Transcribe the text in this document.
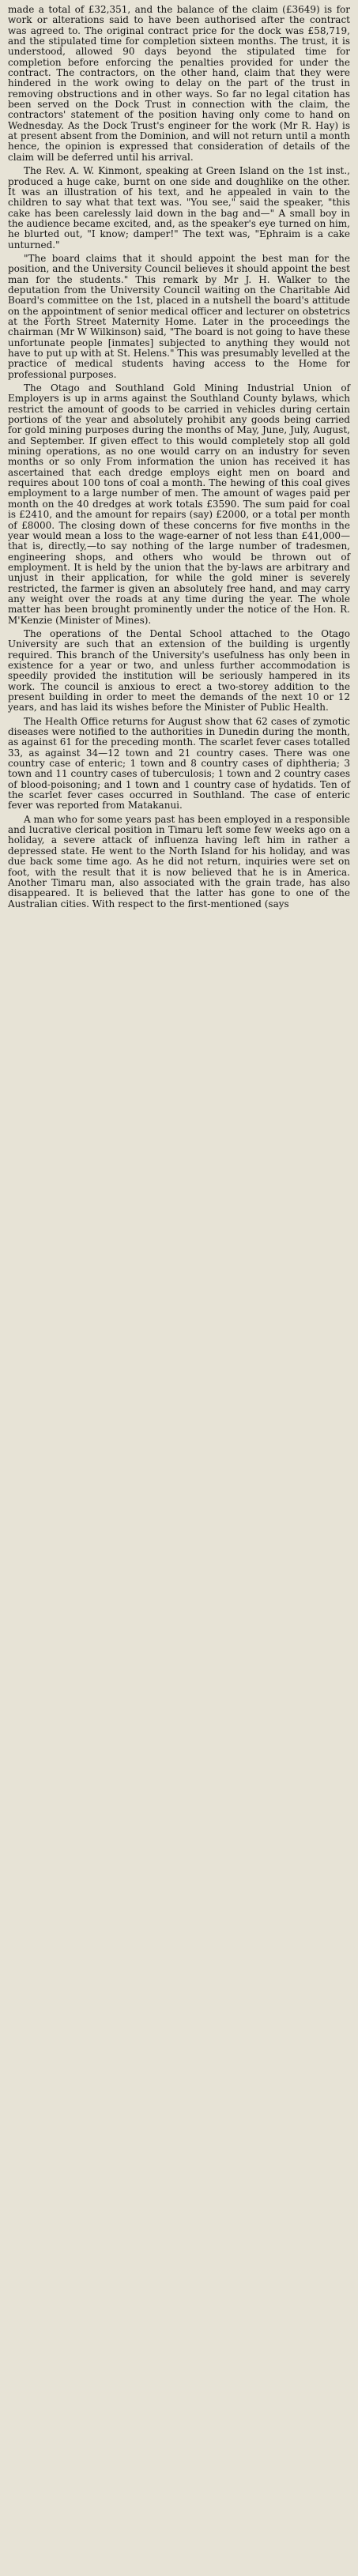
made a total of £32,351, and the balance of the claim (£3649) is for work or alterations said to have been authorised after the contract was agreed to. The original contract price for the dock was £58,719, and the stipulated time for completion sixteen months. The trust, it is understood, allowed 90 days beyond the stipulated time for completion before enforcing the penalties provided for under the contract. The contractors, on the other hand, claim that they were hindered in the work owing to delay on the part of the trust in removing obstructions and in other ways. So far no legal citation has been served on the Dock Trust in connection with the claim, the contractors' statement of the position having only come to hand on Wednesday. As the Dock Trust's engineer for the work (Mr R. Hay) is at present absent from the Dominion, and will not return until a month hence, the opinion is expressed that consideration of details of the claim will be deferred until his arrival.

The Rev. A. W. Kinmont, speaking at Green Island on the 1st inst., produced a huge cake, burnt on one side and doughlike on the other. It was an illustration of his text, and he appealed in vain to the children to say what that text was. "You see," said the speaker, "this cake has been carelessly laid down in the bag and—" A small boy in the audience became excited, and, as the speaker's eye turned on him, he blurted out, "I know; damper!" The text was, "Ephraim is a cake unturned."

"The board claims that it should appoint the best man for the position, and the University Council believes it should appoint the best man for the students." This remark by Mr J. H. Walker to the deputation from the University Council waiting on the Charitable Aid Board's committee on the 1st, placed in a nutshell the board's attitude on the appointment of senior medical officer and lecturer on obstetrics at the Forth Street Maternity Home. Later in the proceedings the chairman (Mr W Wilkinson) said, "The board is not going to have these unfortunate people [inmates] subjected to anything they would not have to put up with at St. Helens." This was presumably levelled at the practice of medical students having access to the Home for professional purposes.

The Otago and Southland Gold Mining Industrial Union of Employers is up in arms against the Southland County bylaws, which restrict the amount of goods to be carried in vehicles during certain portions of the year and absolutely prohibit any goods being carried for gold mining purposes during the months of May, June, July, August, and September. If given effect to this would completely stop all gold mining operations, as no one would carry on an industry for seven months or so only From information the union has received it has ascertained that each dredge employs eight men on board and requires about 100 tons of coal a month. The hewing of this coal gives employment to a large number of men. The amount of wages paid per month on the 40 dredges at work totals £3590. The sum paid for coal is £2410, and the amount for repairs (say) £2000, or a total per month of £8000. The closing down of these concerns for five months in the year would mean a loss to the wage-earner of not less than £41,000—that is, directly,—to say nothing of the large number of tradesmen, engineering shops, and others who would be thrown out of employment. It is held by the union that the by-laws are arbitrary and unjust in their application, for while the gold miner is severely restricted, the farmer is given an absolutely free hand, and may carry any weight over the roads at any time during the year. The whole matter has been brought prominently under the notice of the Hon. R. M'Kenzie (Minister of Mines).

The operations of the Dental School attached to the Otago University are such that an extension of the building is urgently required. This branch of the University's usefulness has only been in existence for a year or two, and unless further accommodation is speedily provided the institution will be seriously hampered in its work. The council is anxious to erect a two-storey addition to the present building in order to meet the demands of the next 10 or 12 years, and has laid its wishes before the Minister of Public Health.

The Health Office returns for August show that 62 cases of zymotic diseases were notified to the authorities in Dunedin during the month, as against 61 for the preceding month. The scarlet fever cases totalled 33, as against 34—12 town and 21 country cases. There was one country case of enteric; 1 town and 8 country cases of diphtheria; 3 town and 11 country cases of tuberculosis; 1 town and 2 country cases of blood-poisoning; and 1 town and 1 country case of hydatids. Ten of the scarlet fever cases occurred in Southland. The case of enteric fever was reported from Matakanui.

A man who for some years past has been employed in a responsible and lucrative clerical position in Timaru left some few weeks ago on a holiday, a severe attack of influenza having left him in rather a depressed state. He went to the North Island for his holiday, and was due back some time ago. As he did not return, inquiries were set on foot, with the result that it is now believed that he is in America. Another Timaru man, also associated with the grain trade, has also disappeared. It is believed that the latter has gone to one of the Australian cities. With respect to the first-mentioned (says
